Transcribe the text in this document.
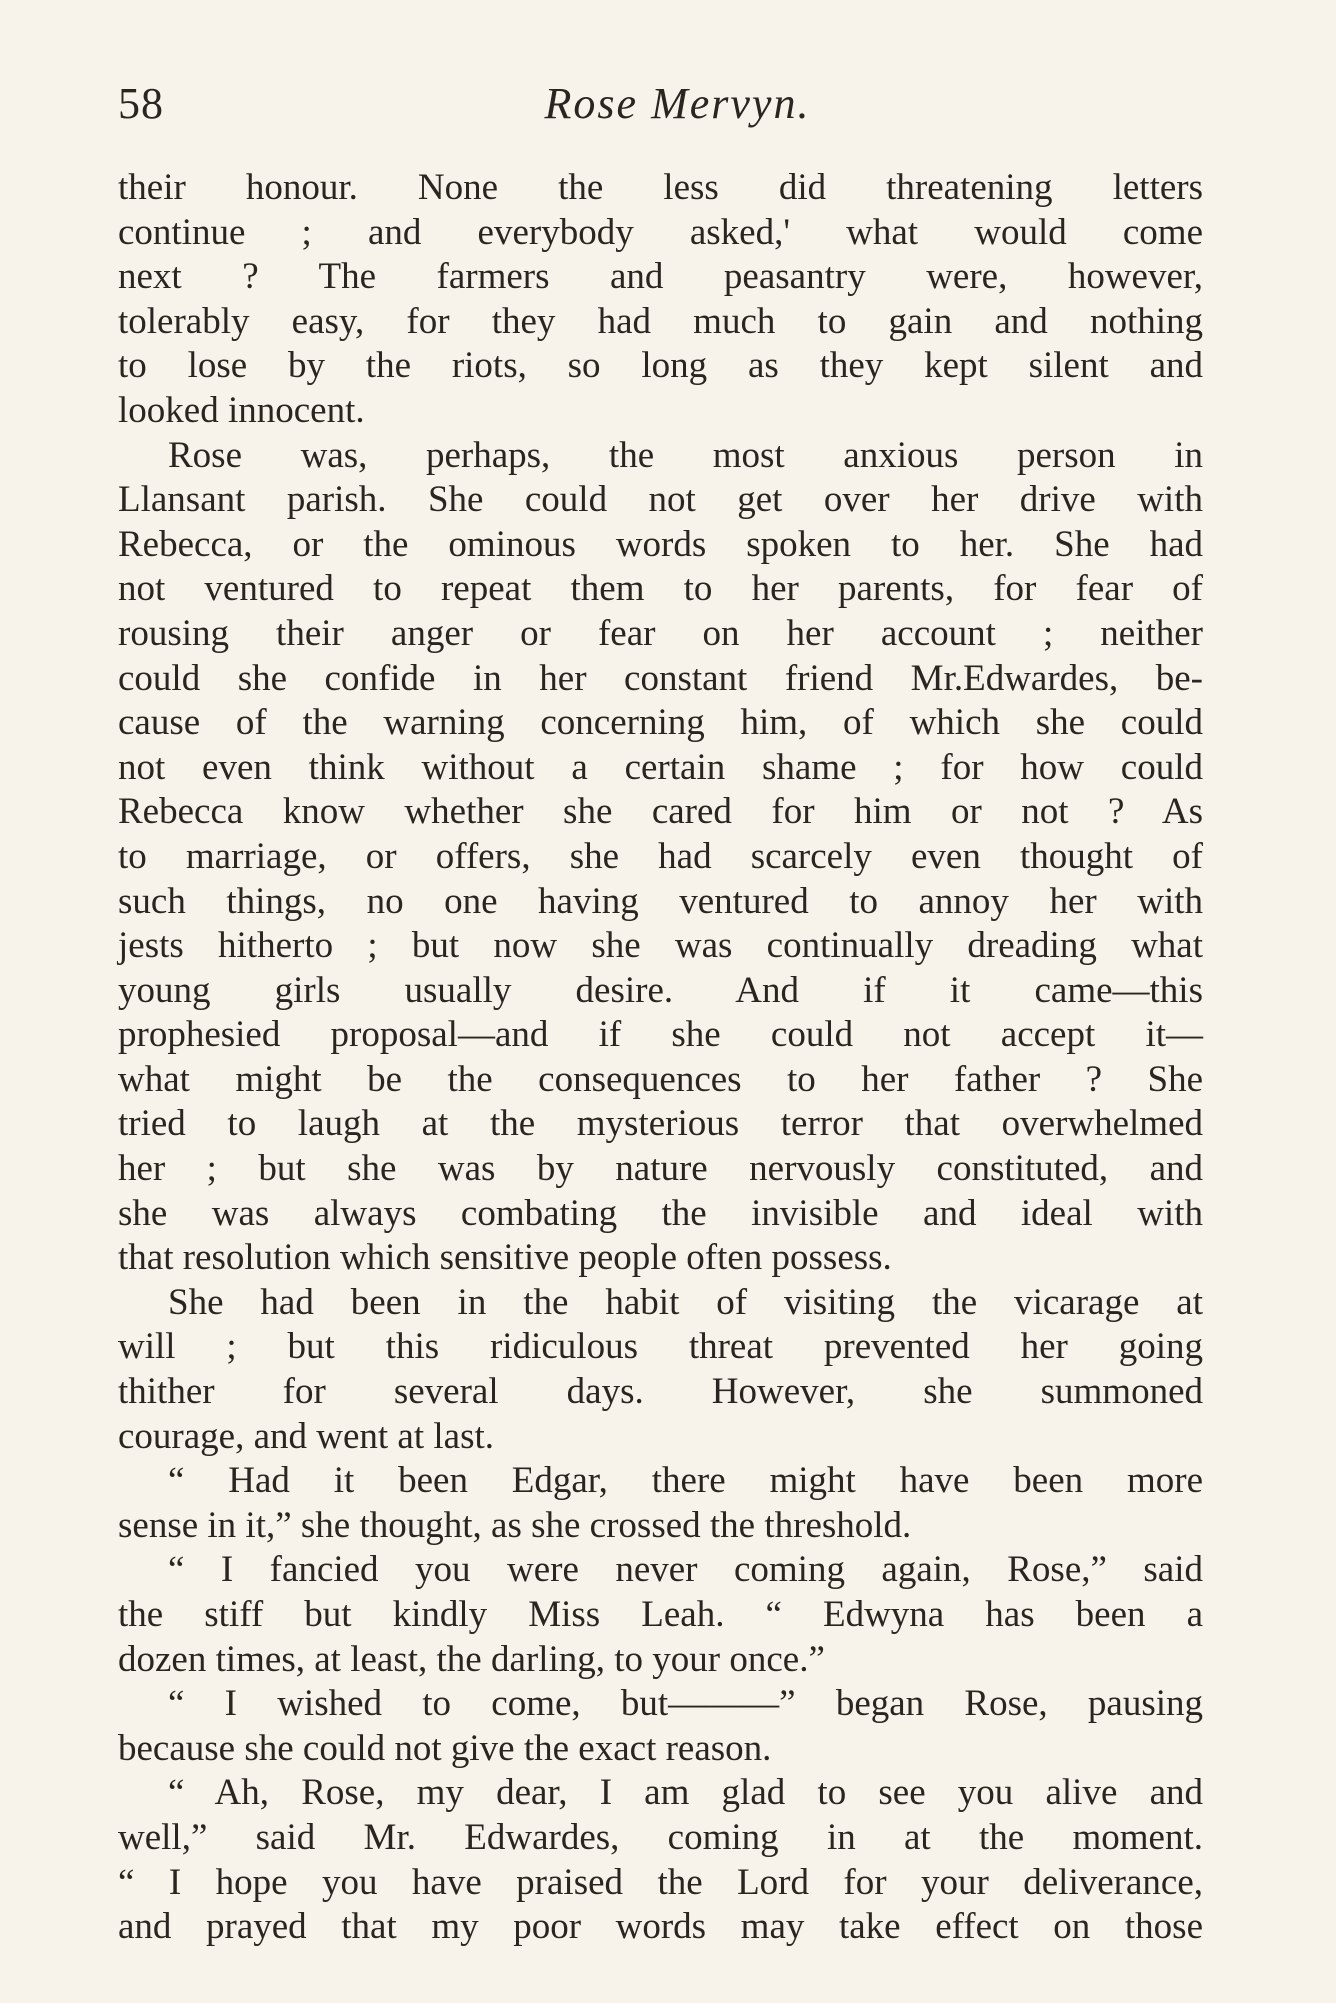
58	Rose Mervyn.
their honour. None the less did threatening letters
continue ; and everybody asked,' what would come
next ? The farmers and peasantry were, however,
tolerably easy, for they had much to gain and nothing
to lose by the riots, so long as they kept silent and
looked innocent.
Rose was, perhaps, the most anxious person in
Llansant parish. She could not get over her drive with
Rebecca, or the ominous words spoken to her. She had
not ventured to repeat them to her parents, for fear of
rousing their anger or fear on her account ; neither
could she confide in her constant friend Mr.Edwardes, be-
cause of the warning concerning him, of which she could
not even think without a certain shame ; for how could
Rebecca know whether she cared for him or not ? As
to marriage, or offers, she had scarcely even thought of
such things, no one having ventured to annoy her with
jests hitherto ; but now she was continually dreading what
young girls usually desire. And if it came—this
prophesied proposal—and if she could not accept it—
what might be the consequences to her father ? She
tried to laugh at the mysterious terror that overwhelmed
her ; but she was by nature nervously constituted, and
she was always combating the invisible and ideal with
that resolution which sensitive people often possess.
She had been in the habit of visiting the vicarage at
will ; but this ridiculous threat prevented her going
thither for several days. However, she summoned
courage, and went at last.
“ Had it been Edgar, there might have been more
sense in it,” she thought, as she crossed the threshold.
“ I fancied you were never coming again, Rose,” said
the stiff but kindly Miss Leah. “ Edwyna has been a
dozen times, at least, the darling, to your once.”
“ I wished to come, but———” began Rose, pausing
because she could not give the exact reason.
“ Ah, Rose, my dear, I am glad to see you alive and
well,” said Mr. Edwardes, coming in at the moment.
“ I hope you have praised the Lord for your deliverance,
and prayed that my poor words may take effect on those
